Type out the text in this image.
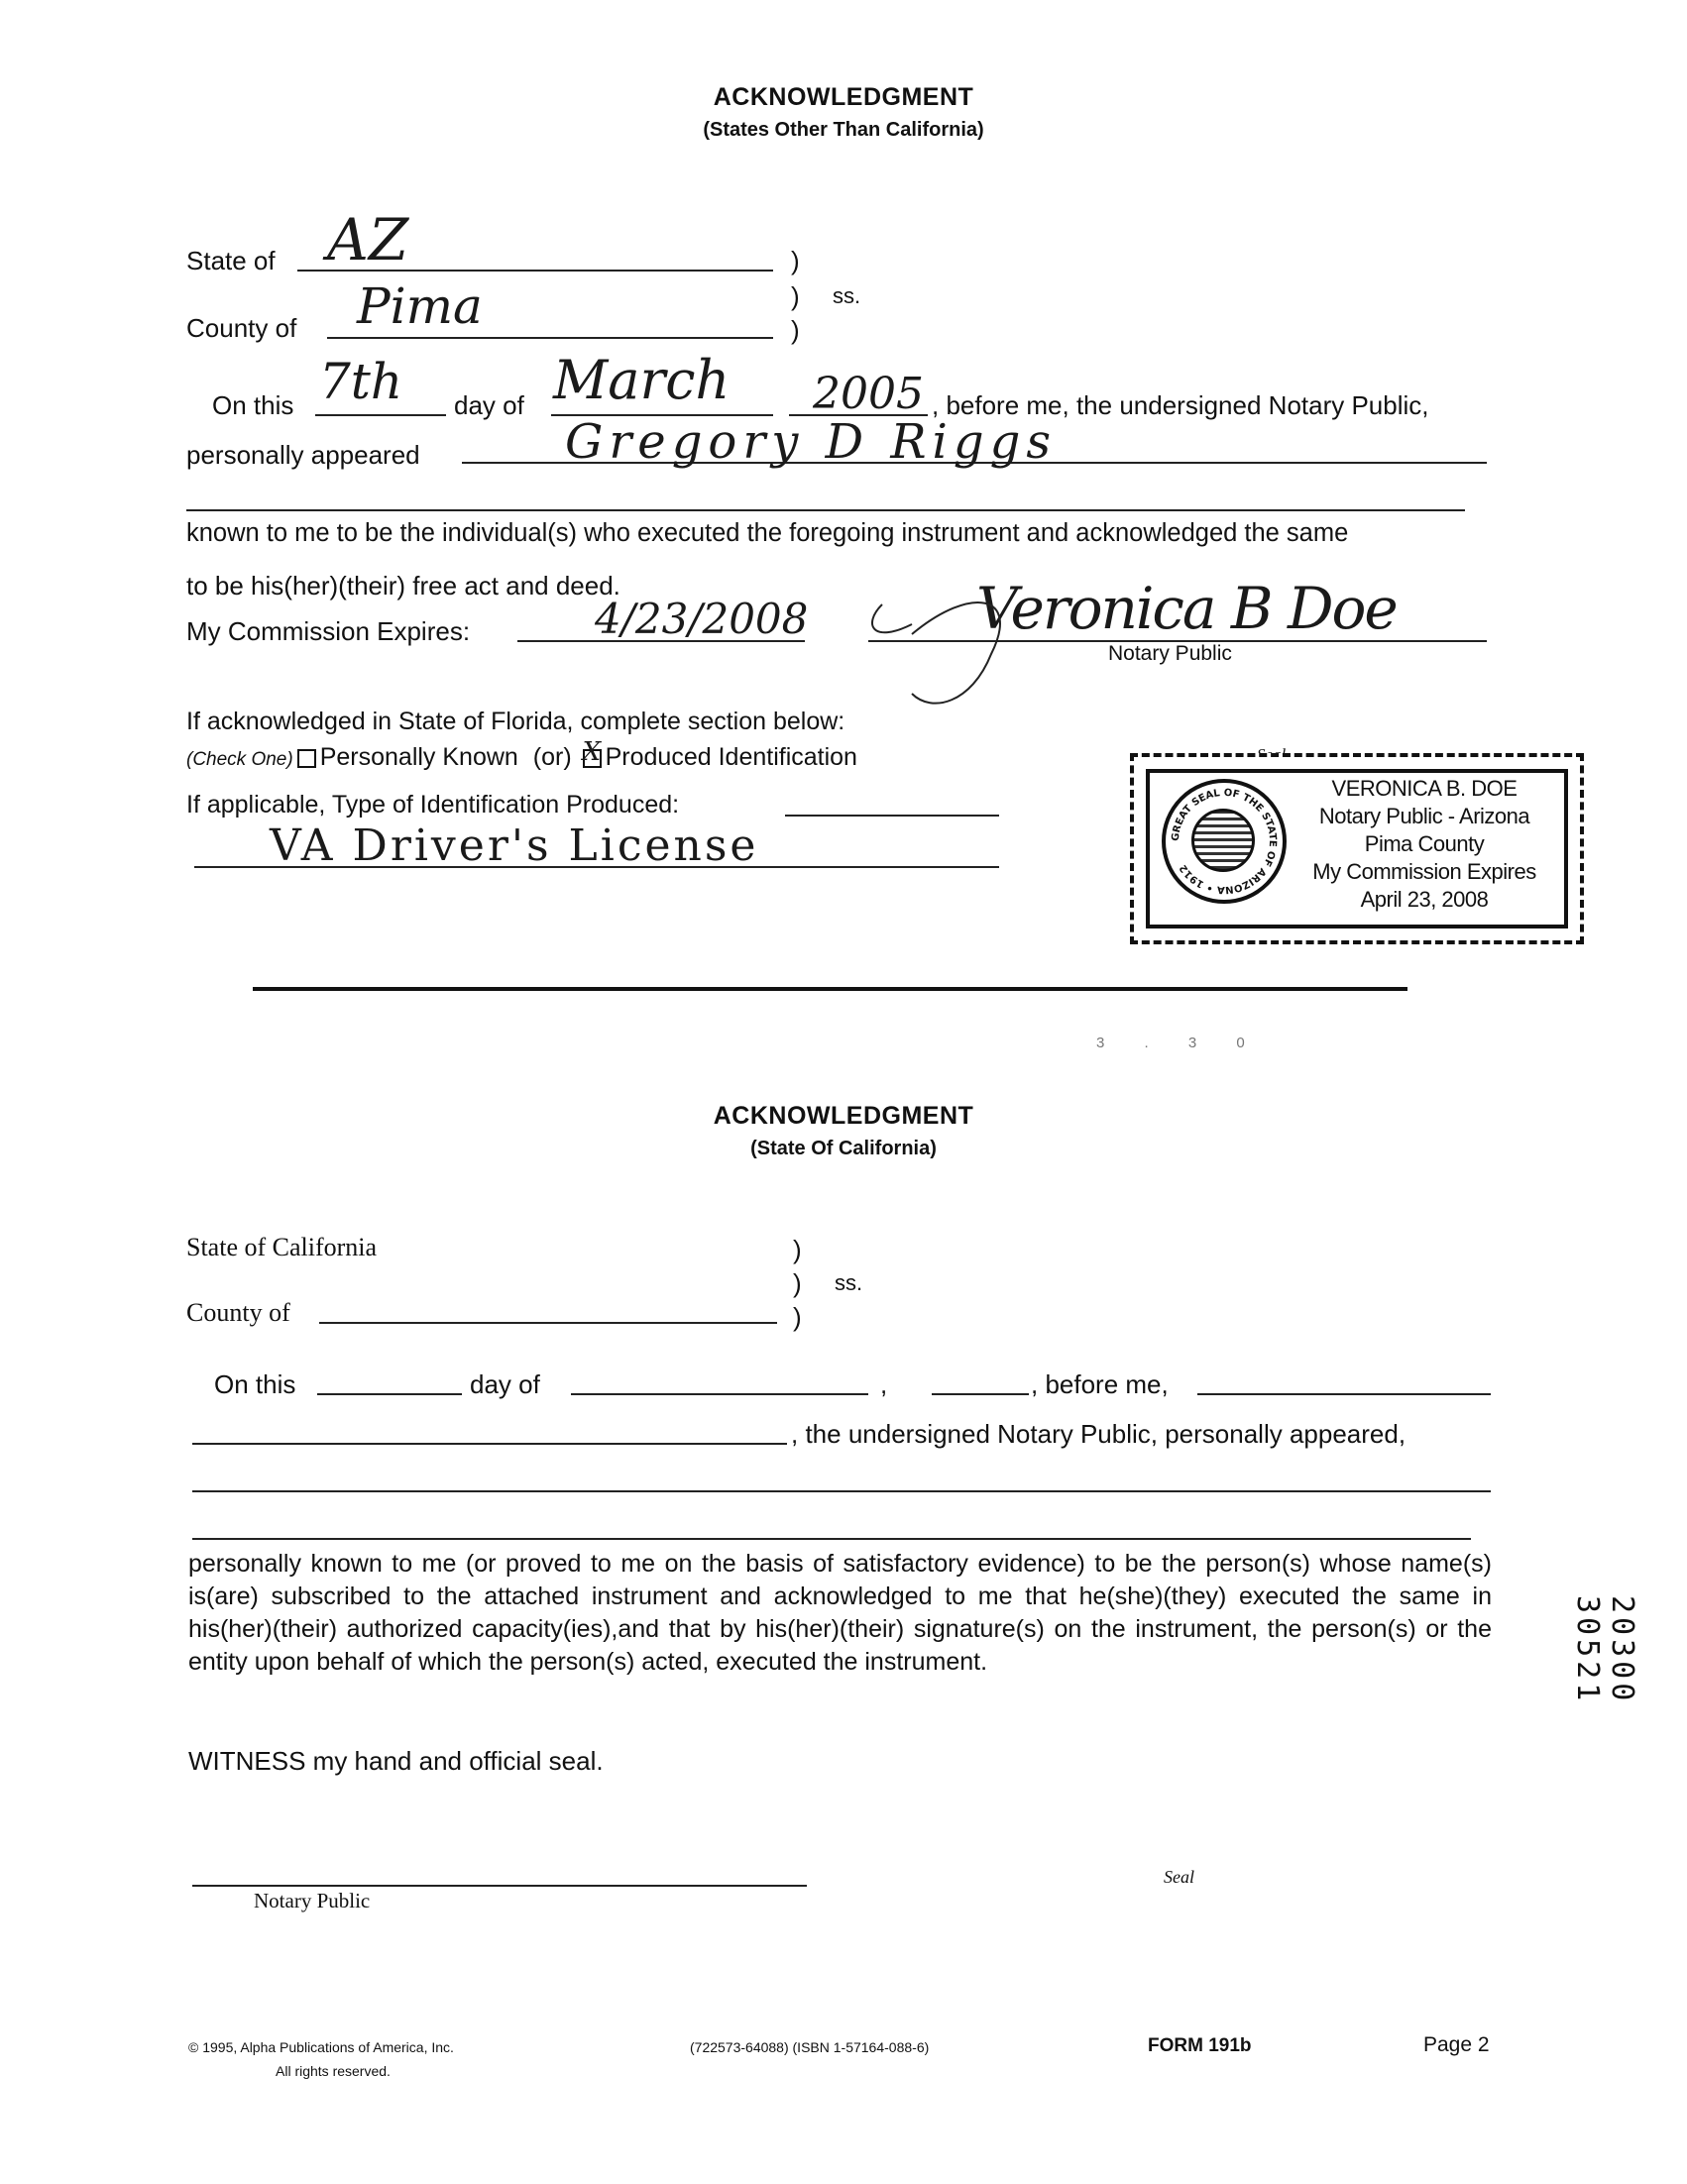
ACKNOWLEDGMENT
(States Other Than California)
State of AZ	)
)
)
ss.
County of Pima
On this 7th day of March 2005 , before me, the undersigned Notary Public,
personally appeared	Gregory D Riggs
known to me to be the individual(s) who executed the foregoing instrument and acknowledged the same
to be his(her)(their) free act and deed.
My Commission Expires:	4/23/2008	Veronica B Doe
Notary Public
If acknowledged in State of Florida, complete section below:
(Check One) Personally Known (or) X Produced Identification
If applicable, Type of Identification Produced:
VA Driver's License	GREAT SEAL OF THE STATE OF ARIZONA • 1912
VERONICA B. DOE
Notary Public - Arizona
Pima County
My Commission Expires
April 23, 2008
3 . 3 0
ACKNOWLEDGMENT
(State Of California)
State of California	)
)
)
ss.
County of
On this	day of	,	, before me,
, the undersigned Notary Public, personally appeared,
personally known to me (or proved to me on the basis of satisfactory evidence) to be the person(s) whose name(s) is(are) subscribed to the attached instrument and acknowledged to me that he(she)(they) executed the same in his(her)(their) authorized capacity(ies),and that by his(her)(their) signature(s) on the instrument, the person(s) or the entity upon behalf of which the person(s) acted, executed the instrument.
WITNESS my hand and official seal.
Notary Public
Seal
© 1995, Alpha Publications of America, Inc.
All rights reserved.
(722573-64088) (ISBN 1-57164-088-6)	FORM 191b	Page 2
20300 30521
